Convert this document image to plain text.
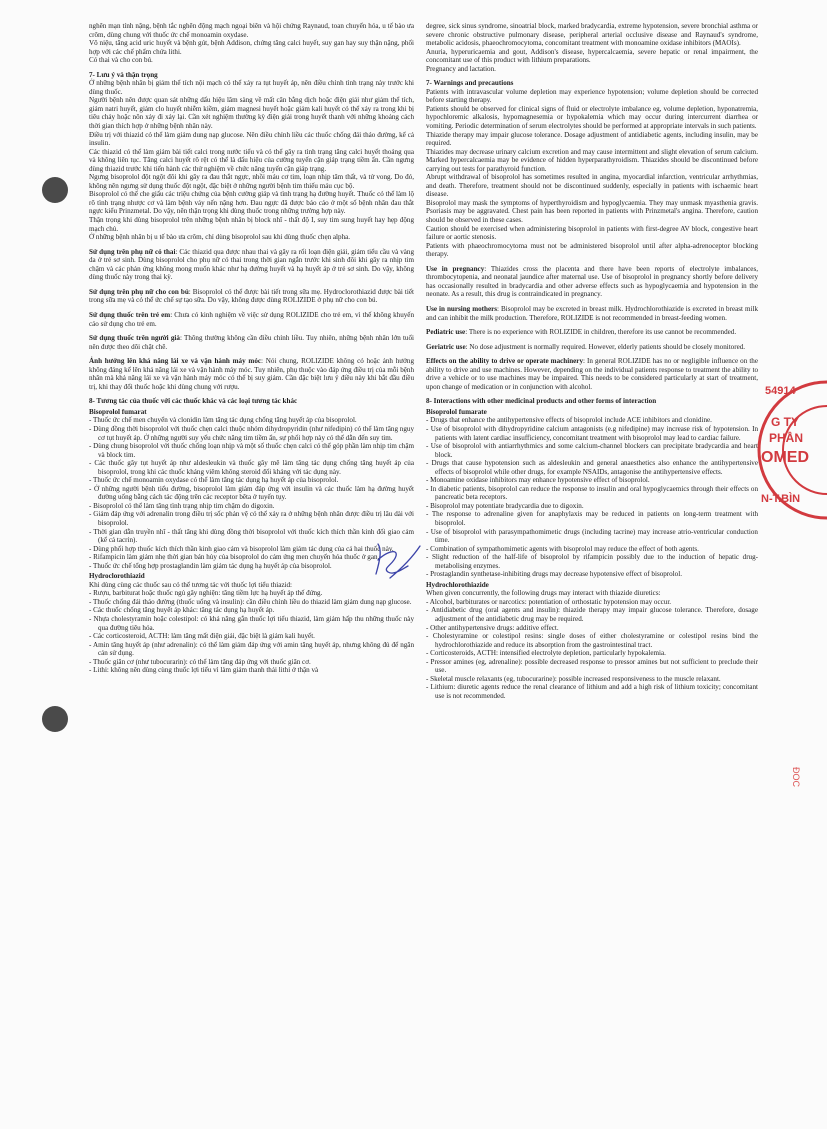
nghẽn mạn tính nặng, bệnh tắc nghẽn động mạch ngoại biên và hội chứng Raynaud, toan chuyển hóa, u tế bào ưa crôm, dùng chung với thuốc ức chế monoamin oxydase.

Vô niệu, tăng acid uric huyết và bệnh gút, bệnh Addison, chứng tăng calci huyết, suy gan hay suy thận nặng, phối hợp với các chế phẩm chứa lithi.

Có thai và cho con bú.

7- Lưu ý và thận trọng

Ở những bệnh nhân bị giảm thể tích nội mạch có thể xảy ra tụt huyết áp, nên điều chỉnh tình trạng này trước khi dùng thuốc.

Người bệnh nên được quan sát những dấu hiệu lâm sàng về mất cân bằng dịch hoặc điện giải như giảm thể tích, giảm natri huyết, giảm clo huyết nhiễm kiềm, giảm magnesi huyết hoặc giảm kali huyết có thể xảy ra trong khi bị tiêu chảy hoặc nôn xảy đi xảy lại. Cần xét nghiệm thường kỳ điện giải trong huyết thanh với những khoảng cách thời gian thích hợp ở những bệnh nhân này.

Điều trị với thiazid có thể làm giảm dung nạp glucose. Nên điều chỉnh liều các thuốc chống đái tháo đường, kể cả insulin.

Các thiazid có thể làm giảm bài tiết calci trong nước tiểu và có thể gây ra tình trạng tăng calci huyết thoáng qua và không liên tục. Tăng calci huyết rõ rệt có thể là dấu hiệu của cường tuyến cận giáp trạng tiềm ẩn. Cần ngưng dùng thiazid trước khi tiến hành các thử nghiệm về chức năng tuyến cận giáp trạng.

Ngưng bisoprolol đột ngột đôi khi gây ra đau thắt ngực, nhồi máu cơ tim, loạn nhịp tâm thất, và tử vong. Do đó, không nên ngưng sử dụng thuốc đột ngột, đặc biệt ở những người bệnh tim thiếu máu cục bộ.

Bisoprolol có thể che giấu các triệu chứng của bệnh cường giáp và tình trạng hạ đường huyết. Thuốc có thể làm lộ rõ tình trạng nhược cơ và làm bệnh vảy nến nặng hơn. Đau ngực đã được báo cáo ở một số bệnh nhân đau thắt ngực kiểu Prinzmetal. Do vậy, nên thận trọng khi dùng thuốc trong những trường hợp này.

Thận trọng khi dùng bisoprolol trên những bệnh nhân bị block nhĩ - thất độ I, suy tim sung huyết hay hẹp động mạch chủ.

Ở những bệnh nhân bị u tế bào ưa crôm, chỉ dùng bisoprolol sau khi dùng thuốc chẹn alpha.

Sử dụng trên phụ nữ có thai: Các thiazid qua được nhau thai và gây ra rối loạn điện giải, giảm tiểu cầu và vàng da ở trẻ sơ sinh. Dùng bisoprolol cho phụ nữ có thai trong thời gian ngắn trước khi sinh đôi khi gây ra nhịp tim chậm và các phản ứng không mong muốn khác như hạ đường huyết và hạ huyết áp ở trẻ sơ sinh. Do vậy, không dùng thuốc này trong thai kỳ.

Sử dụng trên phụ nữ cho con bú: Bisoprolol có thể được bài tiết trong sữa mẹ. Hydroclorothiazid được bài tiết trong sữa mẹ và có thể ức chế sự tạo sữa. Do vậy, không được dùng ROLIZIDE ở phụ nữ cho con bú.

Sử dụng thuốc trên trẻ em: Chưa có kinh nghiệm về việc sử dụng ROLIZIDE cho trẻ em, vì thế không khuyến cáo sử dụng cho trẻ em.

Sử dụng thuốc trên người già: Thông thường không cần điều chỉnh liều. Tuy nhiên, những bệnh nhân lớn tuổi nên được theo dõi chặt chẽ.

Ảnh hưởng lên khả năng lái xe và vận hành máy móc: Nói chung, ROLIZIDE không có hoặc ảnh hưởng không đáng kể lên khả năng lái xe và vận hành máy móc. Tuy nhiên, phụ thuộc vào đáp ứng điều trị của mỗi bệnh nhân mà khả năng lái xe và vận hành máy móc có thể bị suy giảm. Cần đặc biệt lưu ý điều này khi bắt đầu điều trị, khi thay đổi thuốc hoặc khi dùng chung với rượu.

8- Tương tác của thuốc với các thuốc khác và các loại tương tác khác

Bisoprolol fumarat

- Thuốc ức chế men chuyển và clonidin làm tăng tác dụng chống tăng huyết áp của bisoprolol.
- Dùng đồng thời bisoprolol với thuốc chẹn calci thuộc nhóm dihydropyridin (như nifedipin) có thể làm tăng nguy cơ tụt huyết áp. Ở những người suy yếu chức năng tim tiềm ẩn, sự phối hợp này có thể dẫn đến suy tim.
- Dùng chung bisoprolol với thuốc chống loạn nhịp và một số thuốc chẹn calci có thể góp phần làm nhịp tim chậm và block tim.
- Các thuốc gây tụt huyết áp như aldesleukin và thuốc gây mê làm tăng tác dụng chống tăng huyết áp của bisoprolol, trong khi các thuốc kháng viêm không steroid đối kháng với tác dụng này.
- Thuốc ức chế monoamin oxydase có thể làm tăng tác dụng hạ huyết áp của bisoprolol.
- Ở những người bệnh tiểu đường, bisoprolol làm giảm đáp ứng với insulin và các thuốc làm hạ đường huyết đường uống bằng cách tác động trên các receptor bêta ở tuyến tụy.
- Bisoprolol có thể làm tăng tình trạng nhịp tim chậm do digoxin.
- Giảm đáp ứng với adrenalin trong điều trị sốc phản vệ có thể xảy ra ở những bệnh nhân được điều trị lâu dài với bisoprolol.
- Thời gian dẫn truyền nhĩ - thất tăng khi dùng đồng thời bisoprolol với thuốc kích thích thần kinh đối giao cảm (kể cả tacrin).
- Dùng phối hợp thuốc kích thích thần kinh giao cảm và bisoprolol làm giảm tác dụng của cả hai thuốc này.
- Rifampicin làm giảm nhẹ thời gian bán hủy của bisoprolol do cảm ứng men chuyển hóa thuốc ở gan.
- Thuốc ức chế tổng hợp prostaglandin làm giảm tác dụng hạ huyết áp của bisoprolol.

Hydroclorothiazid

Khi dùng cùng các thuốc sau có thể tương tác với thuốc lợi tiểu thiazid:

- Rượu, barbiturat hoặc thuốc ngủ gây nghiện: tăng tiềm lực hạ huyết áp thế đứng.
- Thuốc chống đái tháo đường (thuốc uống và insulin): cần điều chỉnh liều do thiazid làm giảm dung nạp glucose.
- Các thuốc chống tăng huyết áp khác: tăng tác dụng hạ huyết áp.
- Nhựa cholestyramin hoặc colestipol: có khả năng gắn thuốc lợi tiểu thiazid, làm giảm hấp thu những thuốc này qua đường tiêu hóa.
- Các corticosteroid, ACTH: làm tăng mất điện giải, đặc biệt là giảm kali huyết.
- Amin tăng huyết áp (như adrenalin): có thể làm giảm đáp ứng với amin tăng huyết áp, nhưng không đủ để ngăn cản sử dụng.
- Thuốc giãn cơ (như tubocurarin): có thể làm tăng đáp ứng với thuốc giãn cơ.
- Lithi: không nên dùng cùng thuốc lợi tiểu vì làm giảm thanh thải lithi ở thận và

degree, sick sinus syndrome, sinoatrial block, marked bradycardia, extreme hypotension, severe bronchial asthma or severe chronic obstructive pulmonary disease, peripheral arterial occlusive disease and Raynaud's syndrome, metabolic acidosis, phaeochromocytoma, concomitant treatment with monoamine oxidase inhibitors (MAOIs).

Anuria, hyperuricaemia and gout, Addison's disease, hypercalcaemia, severe hepatic or renal impairment, the concomitant use of this product with lithium preparations.

Pregnancy and lactation.

7- Warnings and precautions

Patients with intravascular volume depletion may experience hypotension; volume depletion should be corrected before starting therapy.

Patients should be observed for clinical signs of fluid or electrolyte imbalance eg, volume depletion, hyponatremia, hypochloremic alkalosis, hypomagnesemia or hypokalemia which may occur during intercurrent diarrhea or vomiting. Periodic determination of serum electrolytes should be performed at appropriate intervals in such patients.

Thiazide therapy may impair glucose tolerance. Dosage adjustment of antidiabetic agents, including insulin, may be required.

Thiazides may decrease urinary calcium excretion and may cause intermittent and slight elevation of serum calcium. Marked hypercalcaemia may be evidence of hidden hyperparathyroidism. Thiazides should be discontinued before carrying out tests for parathyroid function.

Abrupt withdrawal of bisoprolol has sometimes resulted in angina, myocardial infarction, ventricular arrhythmias, and death. Therefore, treatment should not be discontinued suddenly, especially in patients with ischaemic heart disease.

Bisoprolol may mask the symptoms of hyperthyroidism and hypoglycaemia. They may unmask myasthenia gravis. Psoriasis may be aggravated. Chest pain has been reported in patients with Prinzmetal's angina. Therefore, caution should be observed in these cases.

Caution should be exercised when administering bisoprolol in patients with first-degree AV block, congestive heart failure or aortic stenosis.

Patients with phaeochromocytoma must not be administered bisoprolol until after alpha-adrenoceptor blocking therapy.

Use in pregnancy: Thiazides cross the placenta and there have been reports of electrolyte imbalances, thrombocytopenia, and neonatal jaundice after maternal use. Use of bisoprolol in pregnancy shortly before delivery has occasionally resulted in bradycardia and other adverse effects such as hypoglycaemia and hypotension in the neonate. As a result, this drug is contraindicated in pregnancy.

Use in nursing mothers: Bisoprolol may be excreted in breast milk. Hydrochlorothiazide is excreted in breast milk and can inhibit the milk production. Therefore, ROLIZIDE is not recommended in breast-feeding women.

Pediatric use: There is no experience with ROLIZIDE in children, therefore its use cannot be recommended.

Geriatric use: No dose adjustment is normally required. However, elderly patients should be closely monitored.

Effects on the ability to drive or operate machinery: In general ROLIZIDE has no or negligible influence on the ability to drive and use machines. However, depending on the individual patients response to treatment the ability to drive a vehicle or to use machines may be impaired. This needs to be considered particularly at start of treatment, upon change of medication or in conjunction with alcohol.

8- Interactions with other medicinal products and other forms of interaction

Bisoprolol fumarate

- Drugs that enhance the antihypertensive effects of bisoprolol include ACE inhibitors and clonidine.
- Use of bisoprolol with dihydropyridine calcium antagonists (e.g nifedipine) may increase risk of hypotension. In patients with latent cardiac insufficiency, concomitant treatment with bisoprolol may lead to cardiac failure.
- Use of bisoprolol with antiarrhythmics and some calcium-channel blockers can precipitate bradycardia and heart block.
- Drugs that cause hypotension such as aldesleukin and general anaesthetics also enhance the antihypertensive effects of bisoprolol while other drugs, for example NSAIDs, antagonise the antihypertensive effects.
- Monoamine oxidase inhibitors may enhance hypotensive effect of bisoprolol.
- In diabetic patients, bisoprolol can reduce the response to insulin and oral hypoglycaemics through their effects on pancreatic beta receptors.
- Bisoprolol may potentiate bradycardia due to digoxin.
- The response to adrenaline given for anaphylaxis may be reduced in patients on long-term treatment with bisoprolol.
- Use of bisoprolol with parasympathomimetic drugs (including tacrine) may increase atrio-ventricular conduction time.
- Combination of sympathomimetic agents with bisoprolol may reduce the effect of both agents.
- Slight reduction of the half-life of bisoprolol by rifampicin possibly due to the induction of hepatic drug-metabolising enzymes.
- Prostaglandin synthetase-inhibiting drugs may decrease hypotensive effect of bisoprolol.

Hydrochlorothiazide

When given concurrently, the following drugs may interact with thiazide diuretics:

- Alcohol, barbiturates or narcotics: potentiation of orthostatic hypotension may occur.
- Antidiabetic drug (oral agents and insulin): thiazide therapy may impair glucose tolerance. Therefore, dosage adjustment of the antidiabetic drug may be required.
- Other antihypertensive drugs: additive effect.
- Cholestyramine or colestipol resins: single doses of either cholestyramine or colestipol resins bind the hydrochlorothiazide and reduce its absorption from the gastrointestinal tract.
- Corticosteroids, ACTH: intensified electrolyte depletion, particularly hypokalemia.
- Pressor amines (eg, adrenaline): possible decreased response to pressor amines but not sufficient to preclude their use.
- Skeletal muscle relaxants (eg, tubocurarine): possible increased responsiveness to the muscle relaxant.
- Lithium: diuretic agents reduce the renal clearance of lithium and add a high risk of lithium toxicity; concomitant use is not recommended.
54914
G TY
PHẦN
OMED
N-T.BÌN
ĐOC
